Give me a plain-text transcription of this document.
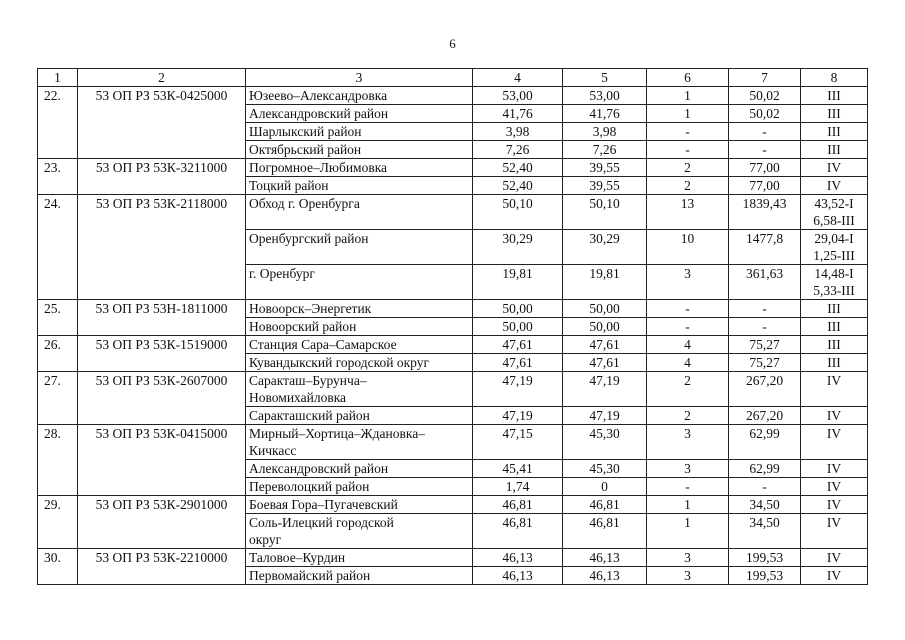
6
1	2	3	4	5	6	7	8
22.	53 ОП РЗ 53К-0425000	Юзеево–Александровка	53,00	53,00	1	50,02	III
		Александровский район	41,76	41,76	1	50,02	III
		Шарлыкский район	3,98	3,98	-	-	III
		Октябрьский район	7,26	7,26	-	-	III
23.	53 ОП РЗ 53К-3211000	Погромное–Любимовка	52,40	39,55	2	77,00	IV
		Тоцкий район	52,40	39,55	2	77,00	IV
24.	53 ОП РЗ 53К-2118000	Обход г. Оренбурга	50,10	50,10	13	1839,43	43,52-I
6,58-III
		Оренбургский район	30,29	30,29	10	1477,8	29,04-I
1,25-III
		г. Оренбург	19,81	19,81	3	361,63	14,48-I
5,33-III
25.	53 ОП РЗ 53Н-1811000	Новоорск–Энергетик	50,00	50,00	-	-	III
		Новоорский район	50,00	50,00	-	-	III
26.	53 ОП РЗ 53К-1519000	Станция Сара–Самарское	47,61	47,61	4	75,27	III
		Кувандыкский городской округ	47,61	47,61	4	75,27	III
27.	53 ОП РЗ 53К-2607000	Саракташ–Бурунча–
Новомихайловка	47,19	47,19	2	267,20	IV
		Саракташский район	47,19	47,19	2	267,20	IV
28.	53 ОП РЗ 53К-0415000	Мирный–Хортица–Ждановка–
Кичкасс	47,15	45,30	3	62,99	IV
		Александровский район	45,41	45,30	3	62,99	IV
		Переволоцкий район	1,74	0	-	-	IV
29.	53 ОП РЗ 53К-2901000	Боевая Гора–Пугачевский	46,81	46,81	1	34,50	IV
		Соль-Илецкий городской
округ	46,81	46,81	1	34,50	IV
30.	53 ОП РЗ 53К-2210000	Таловое–Курдин	46,13	46,13	3	199,53	IV
		Первомайский район	46,13	46,13	3	199,53	IV
